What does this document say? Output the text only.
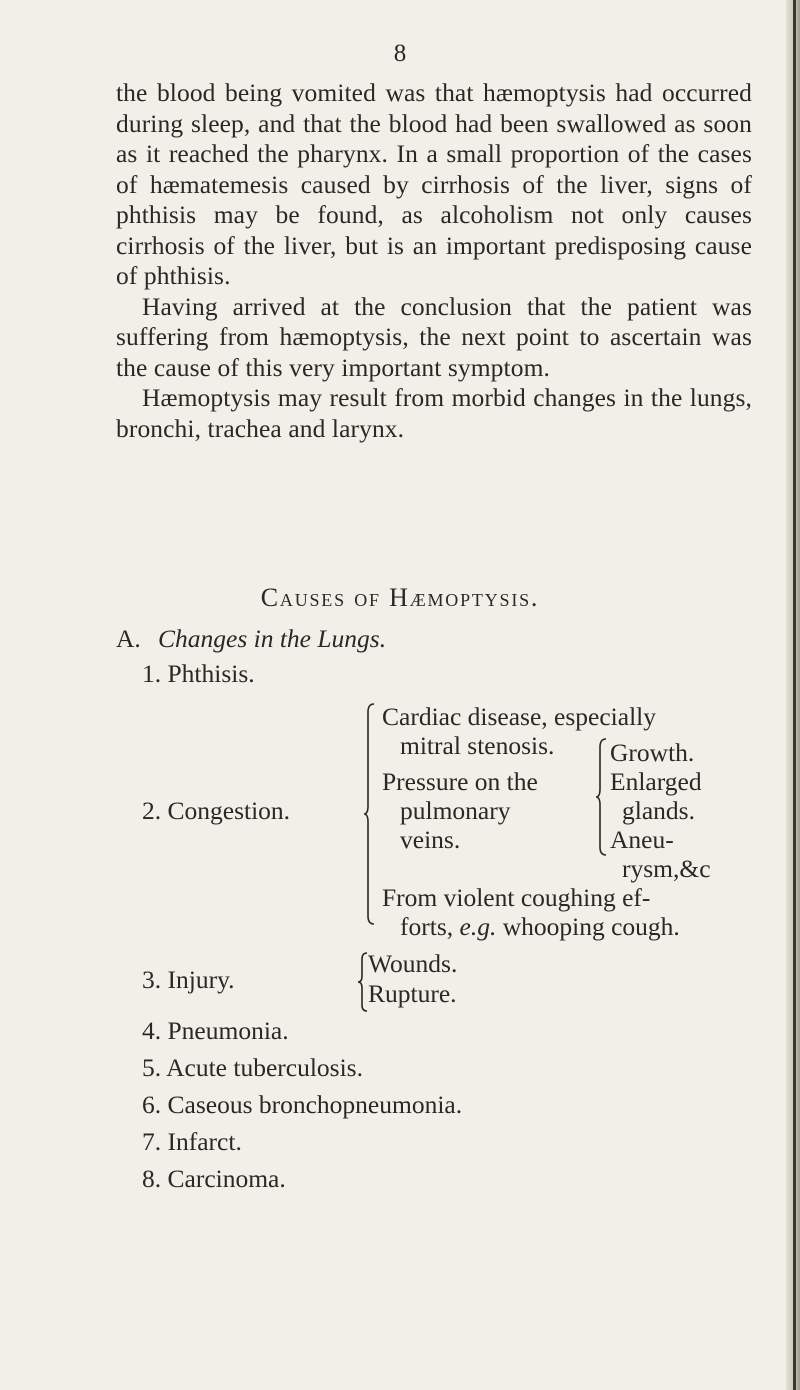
8

the blood being vomited was that hæmoptysis had occurred during sleep, and that the blood had been swallowed as soon as it reached the pharynx. In a small proportion of the cases of hæmatemesis caused by cirrhosis of the liver, signs of phthisis may be found, as alcoholism not only causes cirrhosis of the liver, but is an important predisposing cause of phthisis.

Having arrived at the conclusion that the patient was suffering from hæmoptysis, the next point to ascertain was the cause of this very important symptom.

Hæmoptysis may result from morbid changes in the lungs, bronchi, trachea and larynx.

Causes of Hæmoptysis.
A. Changes in the Lungs.
1. Phthisis.
2. Congestion.
Cardiac disease, especially
mitral stenosis.
Pressure on the
pulmonary
veins.
Growth.
Enlarged
glands.
Aneu-
rysm,&c
From violent coughing ef-
forts, e.g. whooping cough.
3. Injury.
Wounds.
Rupture.
4. Pneumonia.
5. Acute tuberculosis.
6. Caseous bronchopneumonia.
7. Infarct.
8. Carcinoma.
